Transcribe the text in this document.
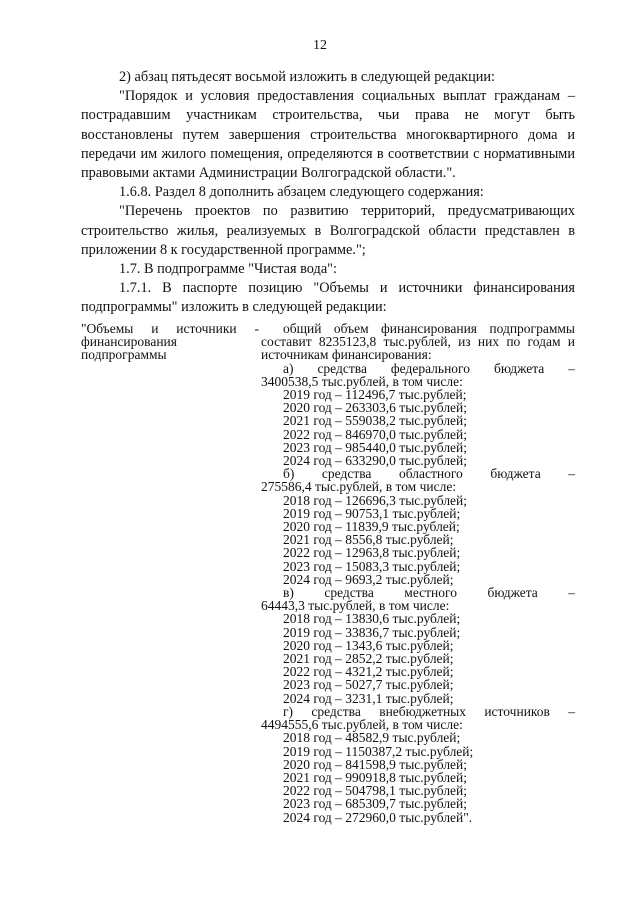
12

2) абзац пятьдесят восьмой изложить в следующей редакции:

"Порядок и условия предоставления социальных выплат гражданам – пострадавшим участникам строительства, чьи права не могут быть восстановлены путем завершения строительства многоквартирного дома и передачи им жилого помещения, определяются в соответствии с нормативными правовыми актами Администрации Волгоградской области.".

1.6.8. Раздел 8 дополнить абзацем следующего содержания:

"Перечень проектов по развитию территорий, предусматривающих строительство жилья, реализуемых в Волгоградской области представлен в приложении 8 к государственной программе.";

1.7. В подпрограмме "Чистая вода":

1.7.1. В паспорте позицию "Объемы и источники финансирования подпрограммы" изложить в следующей редакции:

"Объемы и источники - финансирования подпрограммы

общий объем финансирования подпрограммы составит 8235123,8 тыс.рублей, из них по годам и источникам финансирования:

а) средства федерального бюджета –

3400538,5 тыс.рублей, в том числе:

2019 год – 112496,7 тыс.рублей;

2020 год – 263303,6 тыс.рублей;

2021 год – 559038,2 тыс.рублей;

2022 год – 846970,0 тыс.рублей;

2023 год – 985440,0 тыс.рублей;

2024 год – 633290,0 тыс.рублей;

б) средства областного бюджета –

275586,4 тыс.рублей, в том числе:

2018 год – 126696,3 тыс.рублей;

2019 год – 90753,1 тыс.рублей;

2020 год – 11839,9 тыс.рублей;

2021 год – 8556,8 тыс.рублей;

2022 год – 12963,8 тыс.рублей;

2023 год – 15083,3 тыс.рублей;

2024 год – 9693,2 тыс.рублей;

в) средства местного бюджета –

64443,3 тыс.рублей, в том числе:

2018 год – 13830,6 тыс.рублей;

2019 год – 33836,7 тыс.рублей;

2020 год – 1343,6 тыс.рублей;

2021 год – 2852,2 тыс.рублей;

2022 год – 4321,2 тыс.рублей;

2023 год – 5027,7 тыс.рублей;

2024 год – 3231,1 тыс.рублей;

г) средства внебюджетных источников –

4494555,6 тыс.рублей, в том числе:

2018 год – 48582,9 тыс.рублей;

2019 год – 1150387,2 тыс.рублей;

2020 год – 841598,9 тыс.рублей;

2021 год – 990918,8 тыс.рублей;

2022 год – 504798,1 тыс.рублей;

2023 год – 685309,7 тыс.рублей;

2024 год – 272960,0 тыс.рублей".
